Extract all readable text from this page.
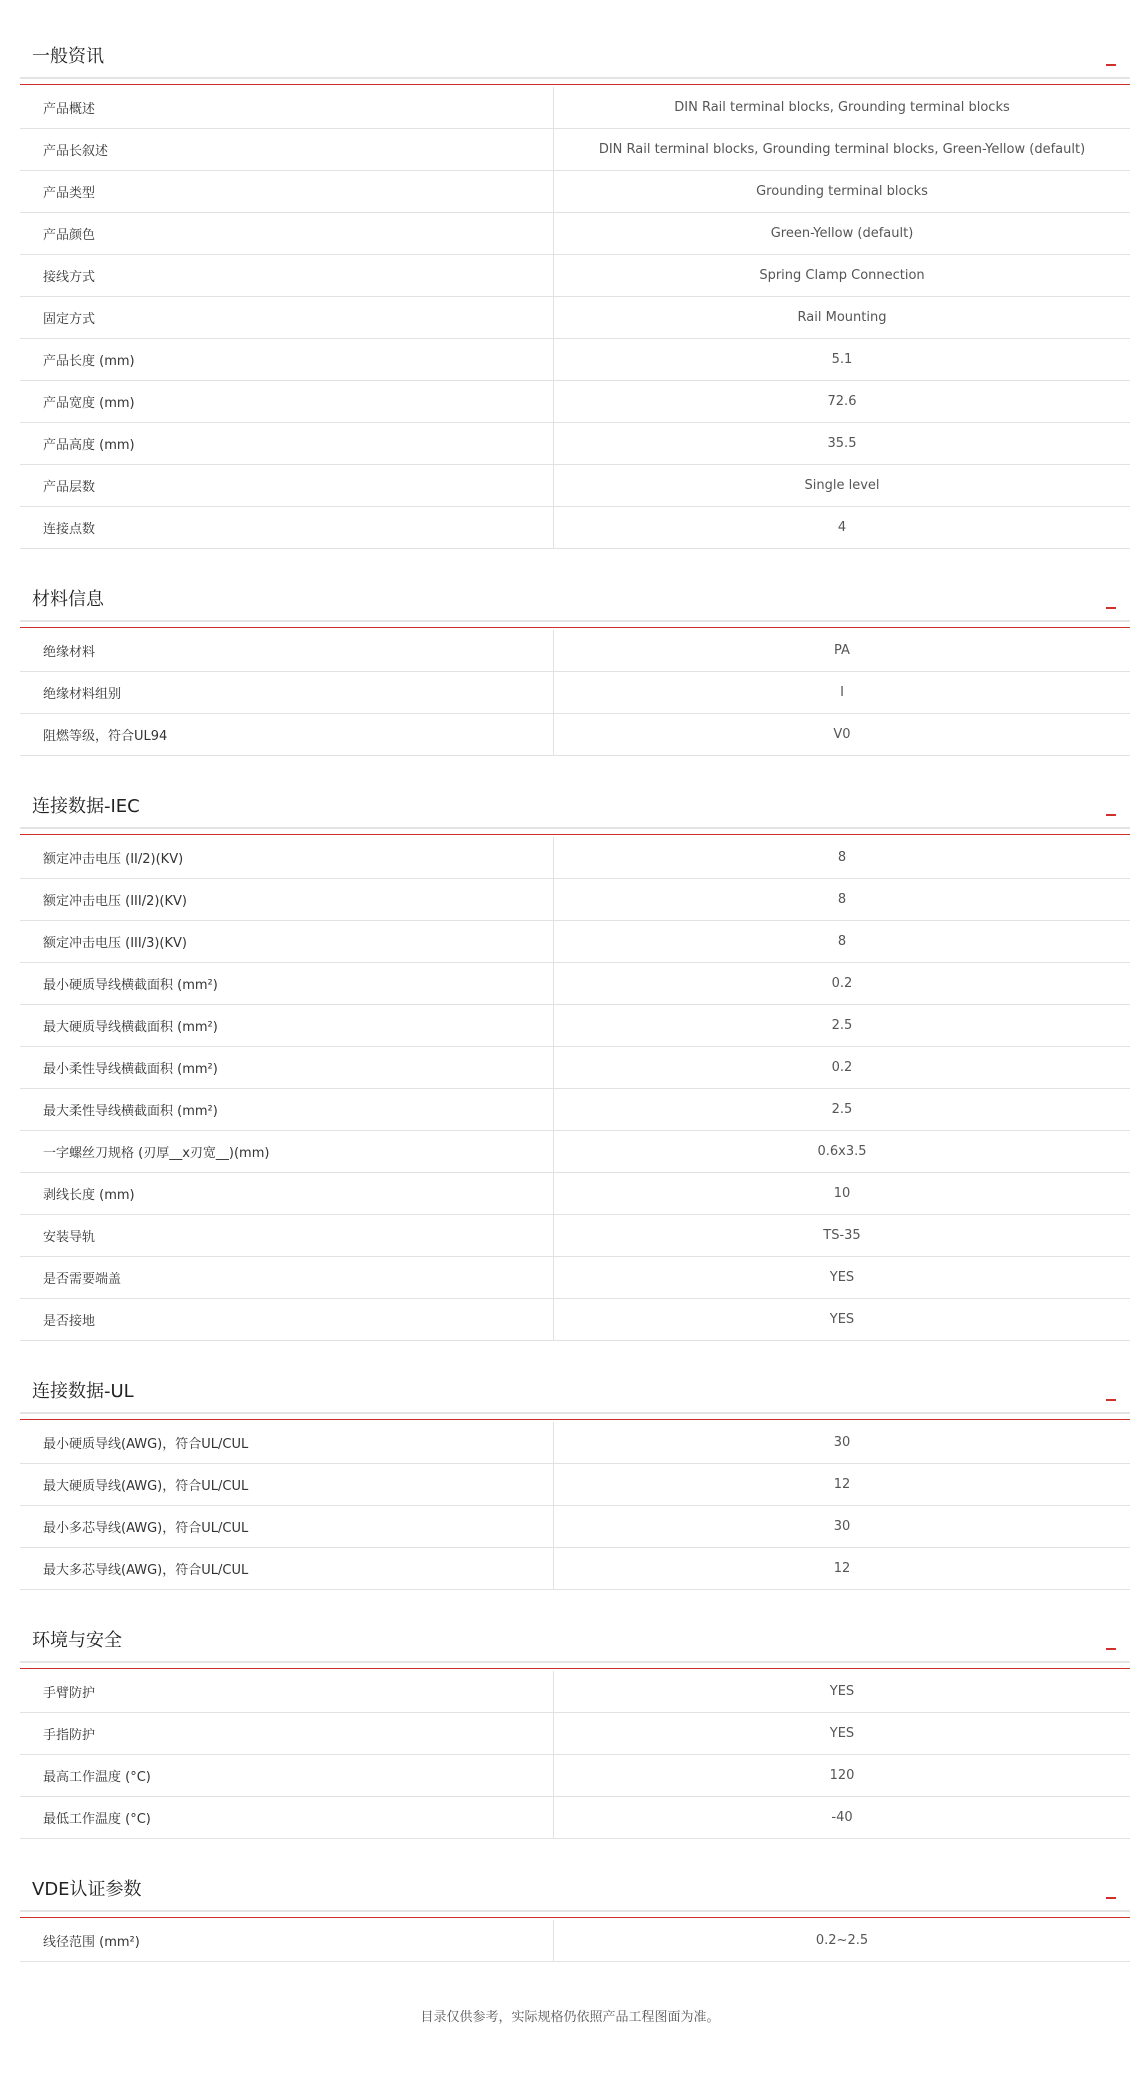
一般资讯
产品概述	DIN Rail terminal blocks, Grounding terminal blocks
产品长叙述	DIN Rail terminal blocks, Grounding terminal blocks, Green-Yellow (default)
产品类型	Grounding terminal blocks
产品颜色	Green-Yellow (default)
接线方式	Spring Clamp Connection
固定方式	Rail Mounting
产品长度 (mm)	5.1
产品宽度 (mm)	72.6
产品高度 (mm)	35.5
产品层数	Single level
连接点数	4
材料信息
绝缘材料	PA
绝缘材料组别	I
阻燃等级，符合UL94	V0
连接数据-IEC
额定冲击电压 (II/2)(KV)	8
额定冲击电压 (III/2)(KV)	8
额定冲击电压 (III/3)(KV)	8
最小硬质导线横截面积 (mm²)	0.2
最大硬质导线横截面积 (mm²)	2.5
最小柔性导线横截面积 (mm²)	0.2
最大柔性导线横截面积 (mm²)	2.5
一字螺丝刀规格 (刃厚__x刃宽__)(mm)	0.6x3.5
剥线长度 (mm)	10
安装导轨	TS-35
是否需要端盖	YES
是否接地	YES
连接数据-UL
最小硬质导线(AWG)，符合UL/CUL	30
最大硬质导线(AWG)，符合UL/CUL	12
最小多芯导线(AWG)，符合UL/CUL	30
最大多芯导线(AWG)，符合UL/CUL	12
环境与安全
手臂防护	YES
手指防护	YES
最高工作温度 (°C)	120
最低工作温度 (°C)	-40
VDE认证参数
线径范围 (mm²)	0.2~2.5
目录仅供参考，实际规格仍依照产品工程图面为准。
